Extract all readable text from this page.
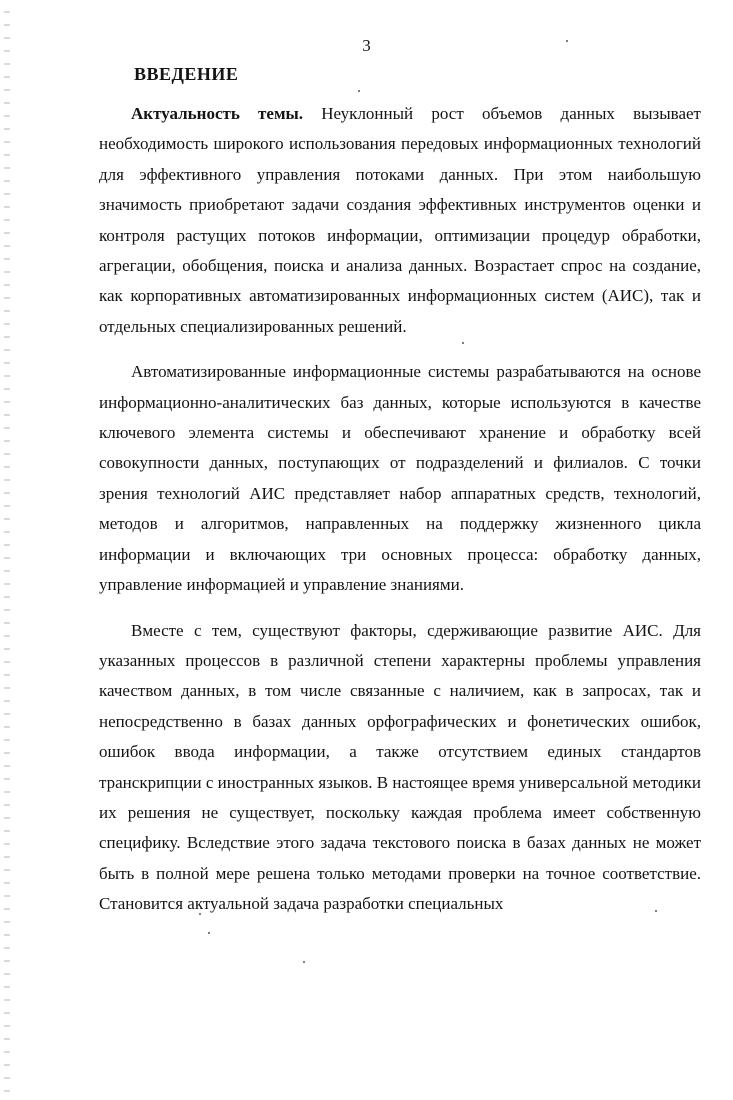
3
ВВЕДЕНИЕ

Актуальность темы. Неуклонный рост объемов данных вызывает необходимость широкого использования передовых информационных технологий для эффективного управления потоками данных. При этом наибольшую значимость приобретают задачи создания эффективных инструментов оценки и контроля растущих потоков информации, оптимизации процедур обработки, агрегации, обобщения, поиска и анализа данных. Возрастает спрос на создание, как корпоративных автоматизированных информационных систем (АИС), так и отдельных специализированных решений.

Автоматизированные информационные системы разрабатываются на основе информационно-аналитических баз данных, которые используются в качестве ключевого элемента системы и обеспечивают хранение и обработку всей совокупности данных, поступающих от подразделений и филиалов. С точки зрения технологий АИС представляет набор аппаратных средств, технологий, методов и алгоритмов, направленных на поддержку жизненного цикла информации и включающих три основных процесса: обработку данных, управление информацией и управление знаниями.

Вместе с тем, существуют факторы, сдерживающие развитие АИС. Для указанных процессов в различной степени характерны проблемы управления качеством данных, в том числе связанные с наличием, как в запросах, так и непосредственно в базах данных орфографических и фонетических ошибок, ошибок ввода информации, а также отсутствием единых стандартов транскрипции с иностранных языков. В настоящее время универсальной методики их решения не существует, поскольку каждая проблема имеет собственную специфику. Вследствие этого задача текстового поиска в базах данных не может быть в полной мере решена только методами проверки на точное соответствие. Становится актуальной задача разработки специальных
